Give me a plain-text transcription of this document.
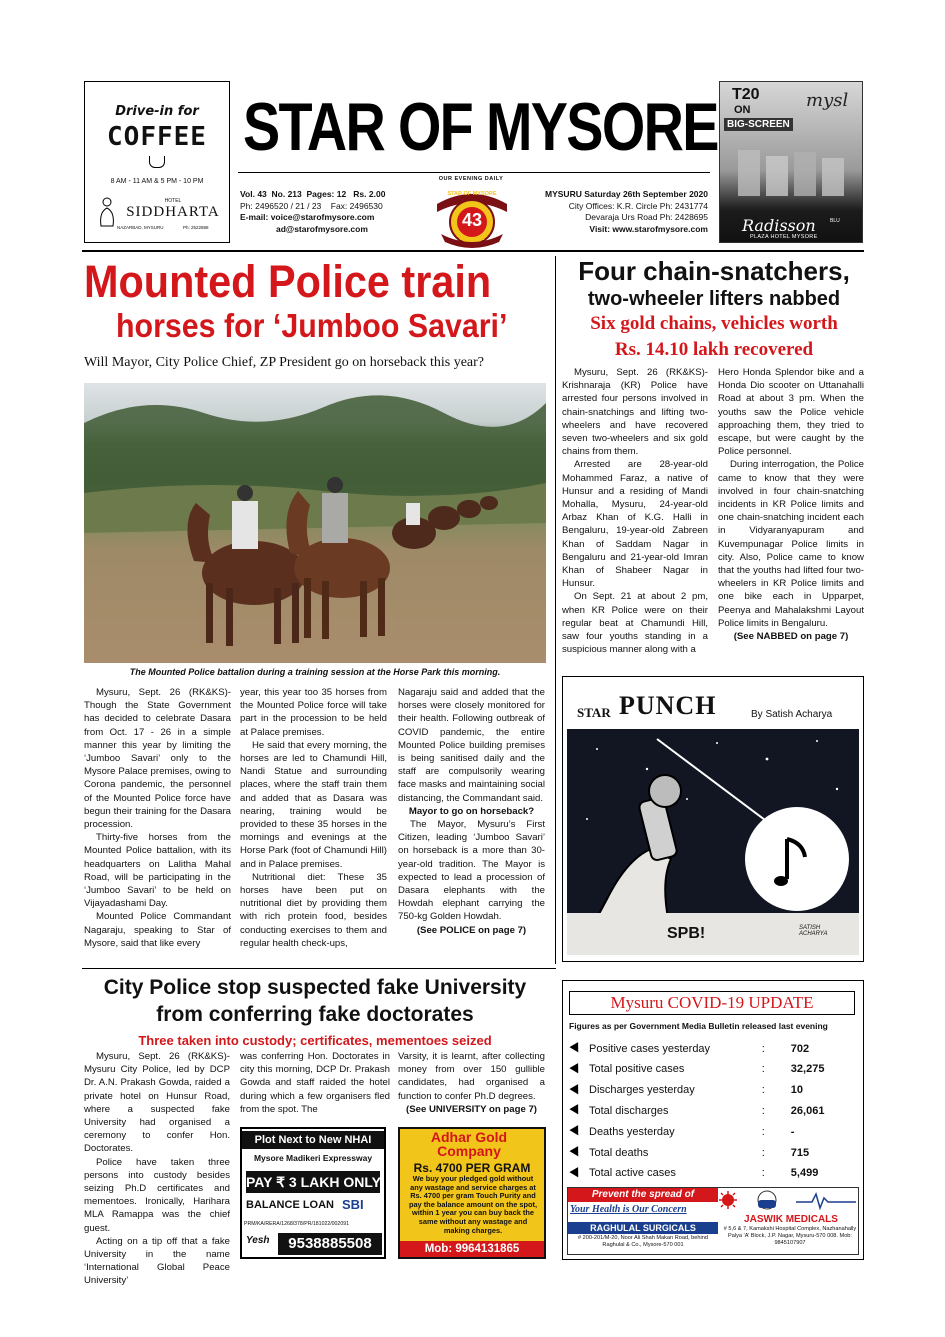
Drive-in for
COFFEE
8 AM - 11 AM & 5 PM - 10 PM
HOTEL
SIDDHARTA
NAZARBAD, MYSURU	Ph: 2522888
STAR OF MYSORE
OUR EVENING DAILY
Vol. 43 No. 213 Pages: 12 Rs. 2.00
Ph: 2496520 / 21 / 23 Fax: 2496530
E-mail: voice@starofmysore.com
ad@starofmysore.com
STAR OF MYSORE
43
SINCE 1978
MYSURU Saturday 26th September 2020
City Offices: K.R. Circle Ph: 2431774
Devaraja Urs Road Ph: 2428695
Visit: www.starofmysore.com
T20
ON
BIG-SCREEN
mysl
Radisson	BLU
PLAZA HOTEL MYSORE
Mounted Police train
horses for ‘Jumboo Savari’
Will Mayor, City Police Chief, ZP President go on horseback this year?
The Mounted Police battalion during a training session at the Horse Park this morning.

Mysuru, Sept. 26 (RK&KS)- Though the State Government has decided to celebrate Dasara from Oct. 17 - 26 in a simple manner this year by limiting the ‘Jumboo Savari’ only to the Mysore Palace premises, owing to Corona pandemic, the personnel of the Mounted Police force have begun their training for the Dasara procession.

Thirty-five horses from the Mounted Police battalion, with its headquarters on Lalitha Mahal Road, will be participating in the ‘Jumboo Savari’ to be held on Vijayadashami Day.

Mounted Police Commandant Nagaraju, speaking to Star of Mysore, said that like every

year, this year too 35 horses from the Mounted Police force will take part in the procession to be held at Palace premises.

He said that every morning, the horses are led to Chamundi Hill, Nandi Statue and surrounding places, where the staff train them and added that as Dasara was nearing, training would be provided to these 35 horses in the mornings and evenings at the Horse Park (foot of Chamundi Hill) and in Palace premises.

Nutritional diet: These 35 horses have been put on nutritional diet by providing them with rich protein food, besides conducting exercises to them and regular health check-ups,

Nagaraju said and added that the horses were closely monitored for their health. Following outbreak of COVID pandemic, the entire Mounted Police building premises is being sanitised daily and the staff are compulsorily wearing face masks and maintaining social distancing, the Commandant said.

Mayor to go on horseback?

The Mayor, Mysuru’s First Citizen, leading ‘Jumboo Savari’ on horseback is a more than 30-year-old tradition. The Mayor is expected to lead a procession of Dasara elephants with the Howdah elephant carrying the 750-kg Golden Howdah.

(See POLICE on page 7)

Four chain-snatchers,
two-wheeler lifters nabbed
Six gold chains, vehicles worth
Rs. 14.10 lakh recovered

Mysuru, Sept. 26 (RK&KS)- Krishnaraja (KR) Police have arrested four persons involved in chain-snatchings and lifting two-wheelers and have recovered seven two-wheelers and six gold chains from them.

Arrested are 28-year-old Mohammed Faraz, a native of Hunsur and a residing of Mandi Mohalla, Mysuru, 24-year-old Arbaz Khan of K.G. Halli in Bengaluru, 19-year-old Zabreen Khan of Saddam Nagar in Bengaluru and 21-year-old Imran Khan of Shabeer Nagar in Hunsur.

On Sept. 21 at about 2 pm, when KR Police were on their regular beat at Chamundi Hill, saw four youths standing in a suspicious manner along with a

Hero Honda Splendor bike and a Honda Dio scooter on Uttanahalli Road at about 3 pm. When the youths saw the Police vehicle approaching them, they tried to escape, but were caught by the Police personnel.

During interrogation, the Police came to know that they were involved in four chain-snatching incidents in KR Police limits and one chain-snatching incident each in Vidyaranyapuram and Kuvempunagar Police limits in city. Also, Police came to know that the youths had lifted four two-wheelers in KR Police limits and one bike each in Upparpet, Peenya and Mahalakshmi Layout Police limits in Bengaluru.

(See NABBED on page 7)

STAR PUNCH	By Satish Acharya
SPB!	SATISH ACHARYA
City Police stop suspected fake University
from conferring fake doctorates
Three taken into custody; certificates, mementoes seized

Mysuru, Sept. 26 (RK&KS)- Mysuru City Police, led by DCP Dr. A.N. Prakash Gowda, raided a private hotel on Hunsur Road, where a suspected fake University had organised a ceremony to confer Hon. Doctorates.

Police have taken three persons into custody besides seizing Ph.D certificates and mementoes. Ironically, Harihara MLA Ramappa was the chief guest.

Acting on a tip off that a fake University in the name ‘International Global Peace University’

was conferring Hon. Doctorates in city this morning, DCP Dr. Prakash Gowda and staff raided the hotel during which a few organisers fled from the spot. The

Varsity, it is learnt, after collecting money from over 150 gullible candidates, had organised a function to confer Ph.D degrees.

(See UNIVERSITY on page 7)

Plot Next to New NHAI
Mysore Madikeri Expressway
PAY ₹ 3 LAKH ONLY
BALANCE LOAN SBI
PRM/KA/RERA/1268/378/PR/181022/002091
Yesh	9538885508
Adhar Gold
Company
Rs. 4700 PER GRAM
We buy your pledged gold without any wastage and service charges at Rs. 4700 per gram Touch Purity and pay the balance amount on the spot, within 1 year you can buy back the same without any wastage and making charges.
Mob: 9964131865
Mysuru COVID-19 UPDATE
Figures as per Government Media Bulletin released last evening
Positive cases yesterday	:	702
Total positive cases	:	32,275
Discharges yesterday	:	10
Total discharges	:	26,061
Deaths yesterday	:	-
Total deaths	:	715
Total active cases	:	5,499
Prevent the spread of
Your Health is Our Concern
RAGHULAL SURGICALS
# 200-201/M-20, Noor Ali Shah Makan Road, behind Raghulal & Co., Mysore-570 001
JASWIK MEDICALS
# 5,6 & 7, Kamakshi Hospital Complex, Nazhanahally Palya ‘A’ Block, J.P. Nagar, Mysuru-570 008. Mob: 9845107907
